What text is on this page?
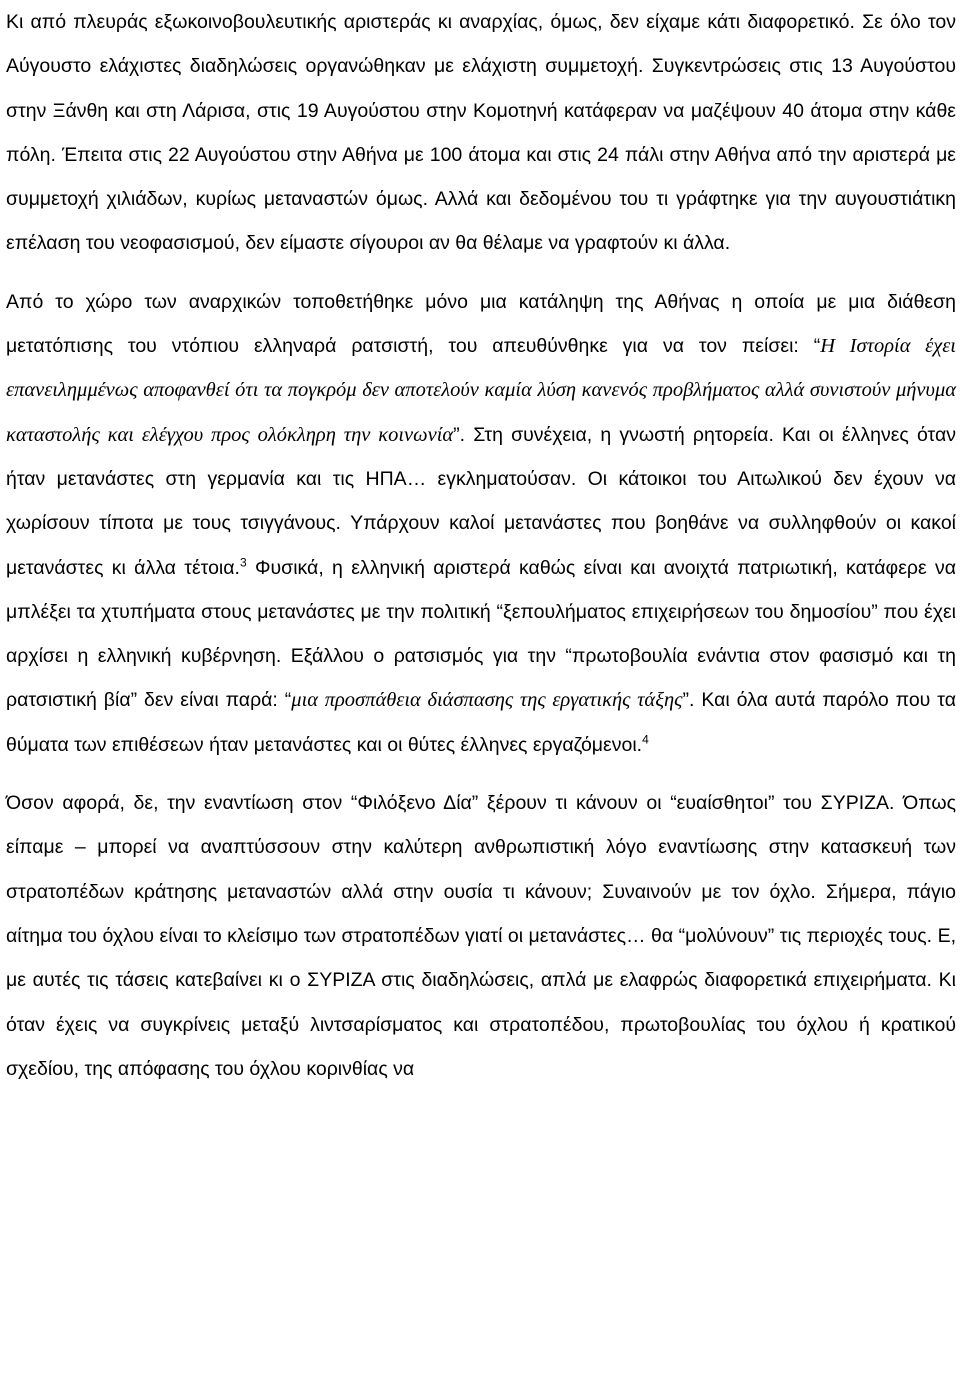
Κι από πλευράς εξωκοινοβουλευτικής αριστεράς κι αναρχίας, όμως, δεν είχαμε κάτι διαφορετικό. Σε όλο τον Αύγουστο ελάχιστες διαδηλώσεις οργανώθηκαν με ελάχιστη συμμετοχή. Συγκεντρώσεις στις 13 Αυγούστου στην Ξάνθη και στη Λάρισα, στις 19 Αυγούστου στην Κομοτηνή κατάφεραν να μαζέψουν 40 άτομα στην κάθε πόλη. Έπειτα στις 22 Αυγούστου στην Αθήνα με 100 άτομα και στις 24 πάλι στην Αθήνα από την αριστερά με συμμετοχή χιλιάδων, κυρίως μεταναστών όμως. Αλλά και δεδομένου του τι γράφτηκε για την αυγουστιάτικη επέλαση του νεοφασισμού, δεν είμαστε σίγουροι αν θα θέλαμε να γραφτούν κι άλλα.

Από το χώρο των αναρχικών τοποθετήθηκε μόνο μια κατάληψη της Αθήνας η οποία με μια διάθεση μετατόπισης του ντόπιου ελληναρά ρατσιστή, του απευθύνθηκε για να τον πείσει: “Η Ιστορία έχει επανειλημμένως αποφανθεί ότι τα πογκρόμ δεν αποτελούν καμία λύση κανενός προβλήματος αλλά συνιστούν μήνυμα καταστολής και ελέγχου προς ολόκληρη την κοινωνία”. Στη συνέχεια, η γνωστή ρητορεία. Και οι έλληνες όταν ήταν μετανάστες στη γερμανία και τις ΗΠΑ… εγκληματούσαν. Οι κάτοικοι του Αιτωλικού δεν έχουν να χωρίσουν τίποτα με τους τσιγγάνους. Υπάρχουν καλοί μετανάστες που βοηθάνε να συλληφθούν οι κακοί μετανάστες κι άλλα τέτοια.$^3$ Φυσικά, η ελληνική αριστερά καθώς είναι και ανοιχτά πατριωτική, κατάφερε να μπλέξει τα χτυπήματα στους μετανάστες με την πολιτική “ξεπουλήματος επιχειρήσεων του δημοσίου” που έχει αρχίσει η ελληνική κυβέρνηση. Εξάλλου ο ρατσισμός για την “πρωτοβουλία ενάντια στον φασισμό και τη ρατσιστική βία” δεν είναι παρά: “μια προσπάθεια διάσπασης της εργατικής τάξης”. Και όλα αυτά παρόλο που τα θύματα των επιθέσεων ήταν μετανάστες και οι θύτες έλληνες εργαζόμενοι.$^4$

Όσον αφορά, δε, την εναντίωση στον “Φιλόξενο Δία” ξέρουν τι κάνουν οι “ευαίσθητοι” του ΣΥΡΙΖΑ. Όπως είπαμε – μπορεί να αναπτύσσουν στην καλύτερη ανθρωπιστική λόγο εναντίωσης στην κατασκευή των στρατοπέδων κράτησης μεταναστών αλλά στην ουσία τι κάνουν; Συναινούν με τον όχλο. Σήμερα, πάγιο αίτημα του όχλου είναι το κλείσιμο των στρατοπέδων γιατί οι μετανάστες… θα “μολύνουν” τις περιοχές τους. Ε, με αυτές τις τάσεις κατεβαίνει κι ο ΣΥΡΙΖΑ στις διαδηλώσεις, απλά με ελαφρώς διαφορετικά επιχειρήματα. Κι όταν έχεις να συγκρίνεις μεταξύ λιντσαρίσματος και στρατοπέδου, πρωτοβουλίας του όχλου ή κρατικού σχεδίου, της απόφασης του όχλου κορινθίας να
